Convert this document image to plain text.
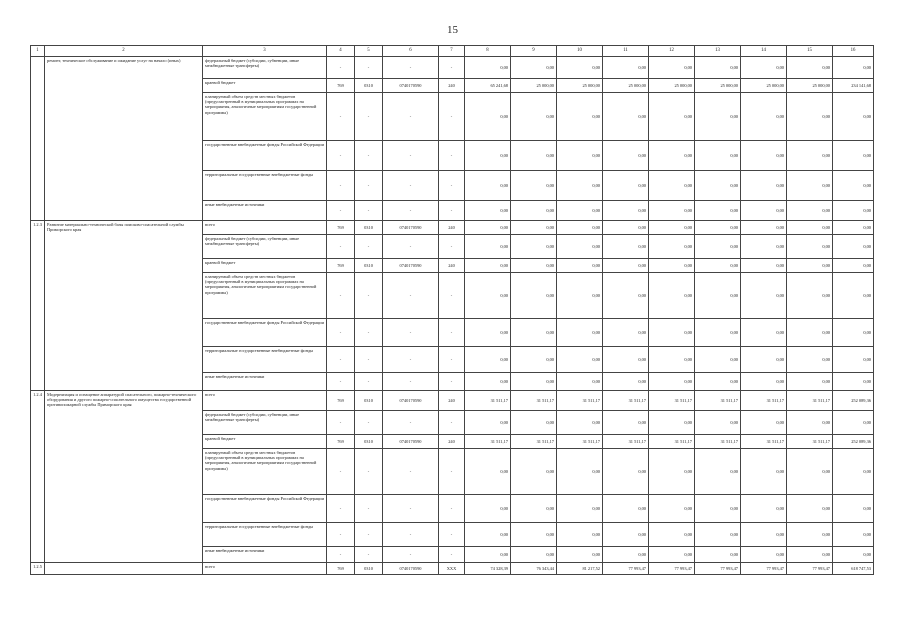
15
1	2	3	4	5	6	7	8	9	10	11	12	13	14	15	16
	ремонт, техническое обслуживание и ожидание услуг на начало (иных)	федеральный бюджет (субсидии, субвенции, иные межбюджетные трансферты)	-	-	-	-	0,00	0,00	0,00	0,00	0,00	0,00	0,00	0,00	0,00
		краевой бюджет	769	0310	0740170590	240	65 241,68	25 000,00	25 000,00	25 000,00	25 000,00	25 000,00	25 000,00	25 000,00	234 141,68
		планируемый объем средств местных бюджетов (предусмотренный в муниципальных программах на мероприятия, аналогичные мероприятиям государственной программы)	-	-	-	-	0,00	0,00	0,00	0,00	0,00	0,00	0,00	0,00	0,00
		государственные внебюджетные фонды Российской Федерации	-	-	-	-	0,00	0,00	0,00	0,00	0,00	0,00	0,00	0,00	0,00
		территориальные государственные внебюджетные фонды	-	-	-	-	0,00	0,00	0,00	0,00	0,00	0,00	0,00	0,00	0,00
		иные внебюджетные источники	-	-	-	-	0,00	0,00	0,00	0,00	0,00	0,00	0,00	0,00	0,00
1.2.3	Развитие материально-технической базы поисково-спасательной службы Приморского края	всего	769	0310	0740170590	240	0,00	0,00	0,00	0,00	0,00	0,00	0,00	0,00	0,00
		федеральный бюджет (субсидии, субвенции, иные межбюджетные трансферты)	-	-	-	-	0,00	0,00	0,00	0,00	0,00	0,00	0,00	0,00	0,00
		краевой бюджет	769	0310	0740170590	240	0,00	0,00	0,00	0,00	0,00	0,00	0,00	0,00	0,00
		планируемый объем средств местных бюджетов (предусмотренный в муниципальных программах на мероприятия, аналогичные мероприятиям государственной программы)	-	-	-	-	0,00	0,00	0,00	0,00	0,00	0,00	0,00	0,00	0,00
		государственные внебюджетные фонды Российской Федерации	-	-	-	-	0,00	0,00	0,00	0,00	0,00	0,00	0,00	0,00	0,00
		территориальные государственные внебюджетные фонды	-	-	-	-	0,00	0,00	0,00	0,00	0,00	0,00	0,00	0,00	0,00
		иные внебюджетные источники	-	-	-	-	0,00	0,00	0,00	0,00	0,00	0,00	0,00	0,00	0,00
1.2.4	Модернизация и оснащение аппаратурой спасательного, пожарно-технического оборудования и другого пожарно-спасательного имущества государственной противопожарной службы Приморского края	всего	769	0310	0740170590	240	31 511,17	31 511,17	31 511,17	31 511,17	31 511,17	31 511,17	31 511,17	31 511,17	252 089,36
		федеральный бюджет (субсидии, субвенции, иные межбюджетные трансферты)	-	-	-	-	0,00	0,00	0,00	0,00	0,00	0,00	0,00	0,00	0,00
		краевой бюджет	769	0310	0740170590	240	31 511,17	31 511,17	31 511,17	31 511,17	31 511,17	31 511,17	31 511,17	31 511,17	252 089,36
		планируемый объем средств местных бюджетов (предусмотренный в муниципальных программах на мероприятия, аналогичные мероприятиям государственной программы)	-	-	-	-	0,00	0,00	0,00	0,00	0,00	0,00	0,00	0,00	0,00
		государственные внебюджетные фонды Российской Федерации	-	-	-	-	0,00	0,00	0,00	0,00	0,00	0,00	0,00	0,00	0,00
		территориальные государственные внебюджетные фонды	-	-	-	-	0,00	0,00	0,00	0,00	0,00	0,00	0,00	0,00	0,00
		иные внебюджетные источники	-	-	-	-	0,00	0,00	0,00	0,00	0,00	0,00	0,00	0,00	0,00
1.2.5		всего	769	0310	0740170590	XXX	74 328,39	76 343,44	81 217,52	77 993,47	77 993,47	77 993,47	77 993,47	77 993,47	618 747,53
